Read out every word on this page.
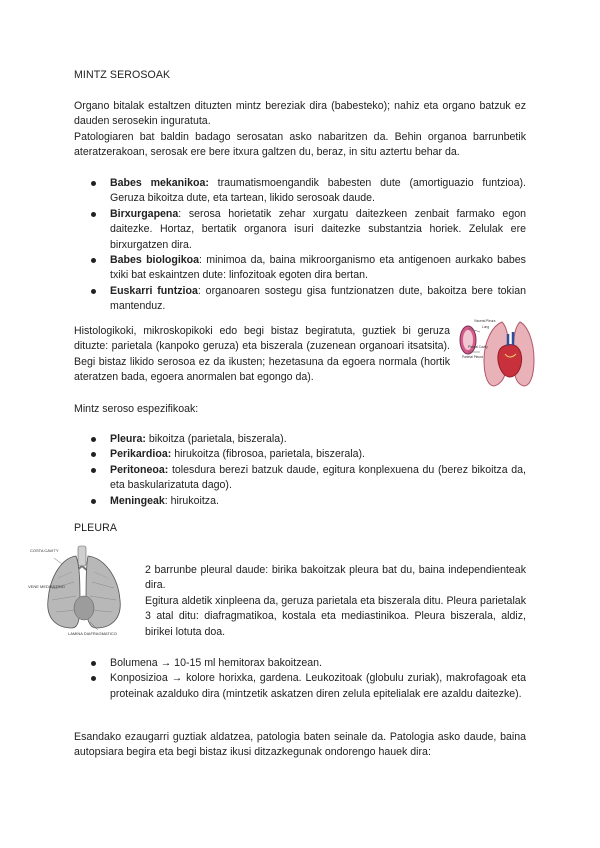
MINTZ SEROSOAK

Organo bitalak estaltzen dituzten mintz bereziak dira (babesteko); nahiz eta organo batzuk ez dauden serosekin inguratuta.

Patologiaren bat baldin badago serosatan asko nabaritzen da. Behin organoa barrunbetik ateratzerakoan, serosak ere bere itxura galtzen du, beraz, in situ aztertu behar da.

Babes mekanikoa: traumatismoengandik babesten dute (amortiguazio funtzioa). Geruza bikoitza dute, eta tartean, likido serosoak daude.
Birxurgapena: serosa horietatik zehar xurgatu daitezkeen zenbait farmako egon daitezke. Hortaz, bertatik organora isuri daitezke substantzia horiek. Zelulak ere birxurgatzen dira.
Babes biologikoa: minimoa da, baina mikroorganismo eta antigenoen aurkako babes txiki bat eskaintzen dute: linfozitoak egoten dira bertan.
Euskarri funtzioa: organoaren sostegu gisa funtzionatzen dute, bakoitza bere tokian mantenduz.

Histologikoki, mikroskopikoki edo begi bistaz begiratuta, guztiek bi geruza dituzte: parietala (kanpoko geruza) eta biszerala (zuzenean organoari itsatsita). Begi bistaz likido serosoa ez da ikusten; hezetasuna da egoera normala (hortik ateratzen bada, egoera anormalen bat egongo da).

Visceral Pleura
Lung
Pleural Cavity
Parietal Pleura

Mintz seroso espezifikoak:

Pleura: bikoitza (parietala, biszerala).
Perikardioa: hirukoitza (fibrosoa, parietala, biszerala).
Peritoneoa: tolesdura berezi batzuk daude, egitura konplexuena du (berez bikoitza da, eta baskularizatuta dago).
Meningeak: hirukoitza.

PLEURA

COSTA CAVITY
VENE MEDIASTINO
LAMINA DIAFRAGMATICO

2 barrunbe pleural daude: birika bakoitzak pleura bat du, baina independienteak dira.

Egitura aldetik xinpleena da, geruza parietala eta biszerala ditu. Pleura parietalak 3 atal ditu: diafragmatikoa, kostala eta mediastinikoa. Pleura biszerala, aldiz, birikei lotuta doa.

Bolumena → 10-15 ml hemitorax bakoitzean.
Konposizioa → kolore horixka, gardena. Leukozitoak (globulu zuriak), makrofagoak eta proteinak azalduko dira (mintzetik askatzen diren zelula epitelialak ere azaldu daitezke).

Esandako ezaugarri guztiak aldatzea, patologia baten seinale da. Patologia asko daude, baina autopsiara begira eta begi bistaz ikusi ditzazkegunak ondorengo hauek dira:
